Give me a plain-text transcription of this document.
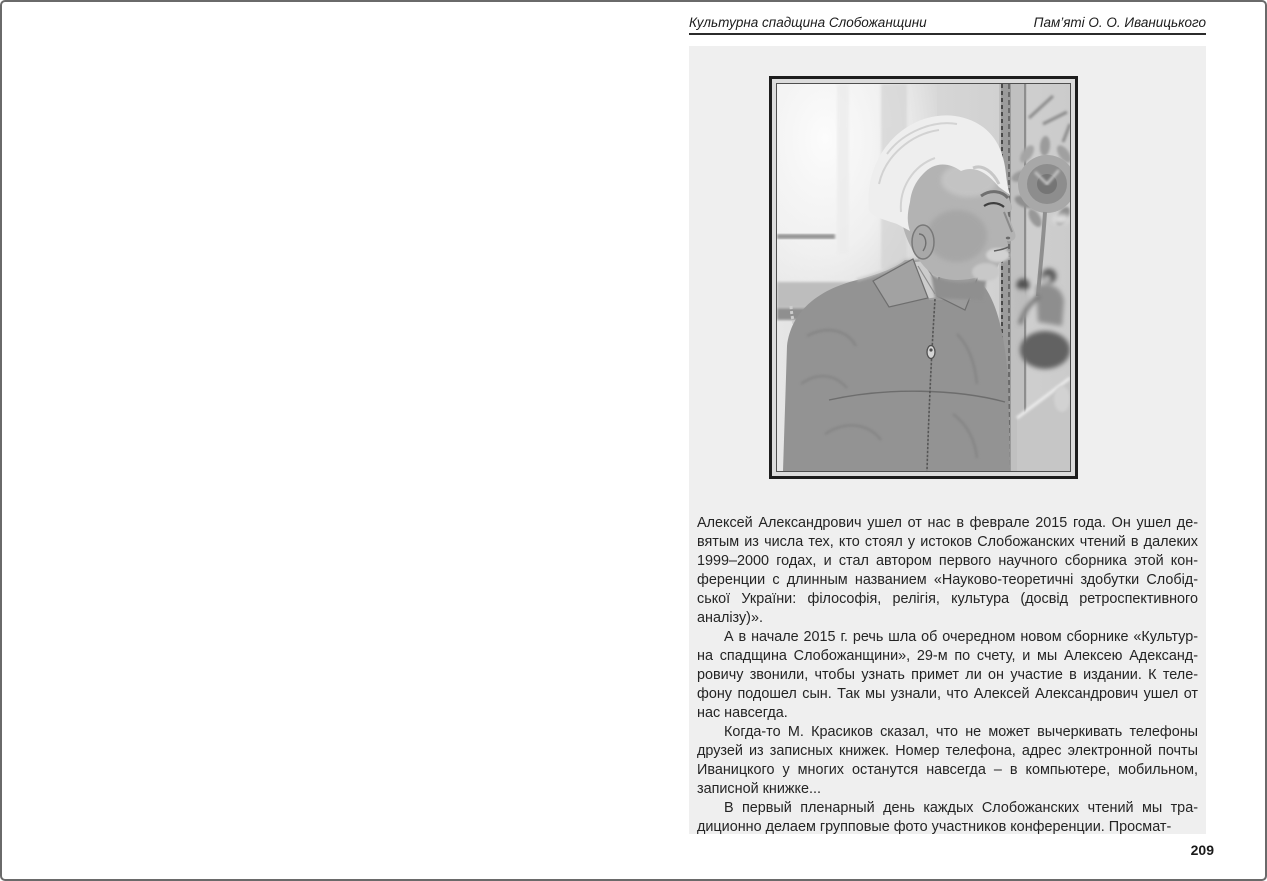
Культурна спадщина Слобожанщини	Пам’яті О. О. Иваницького
Алексей Александрович ушел от нас в феврале 2015 года. Он ушел де-
вятым из числа тех, кто стоял у истоков Слобожанских чтений в далеких
1999–2000 годах, и стал автором первого научного сборника этой кон-
ференции с длинным названием «Науково-теоретичні здобутки Слобід-
ської України: філософія, релігія, культура (досвід ретроспективного
аналізу)».
А в начале 2015 г. речь шла об очередном новом сборнике «Культур-
на спадщина Слобожанщини», 29-м по счету, и мы Алексею Адександ-
ровичу звонили, чтобы узнать примет ли он участие в издании. К теле-
фону подошел сын. Так мы узнали, что Алексей Александрович ушел от
нас навсегда.
Когда-то М. Красиков сказал, что не может вычеркивать телефоны
друзей из записных книжек. Номер телефона, адрес электронной почты
Иваницкого у многих останутся навсегда – в компьютере, мобильном,
записной книжке...
В первый пленарный день каждых Слобожанских чтений мы тра-
диционно делаем групповые фото участников конференции. Просмат-
209
